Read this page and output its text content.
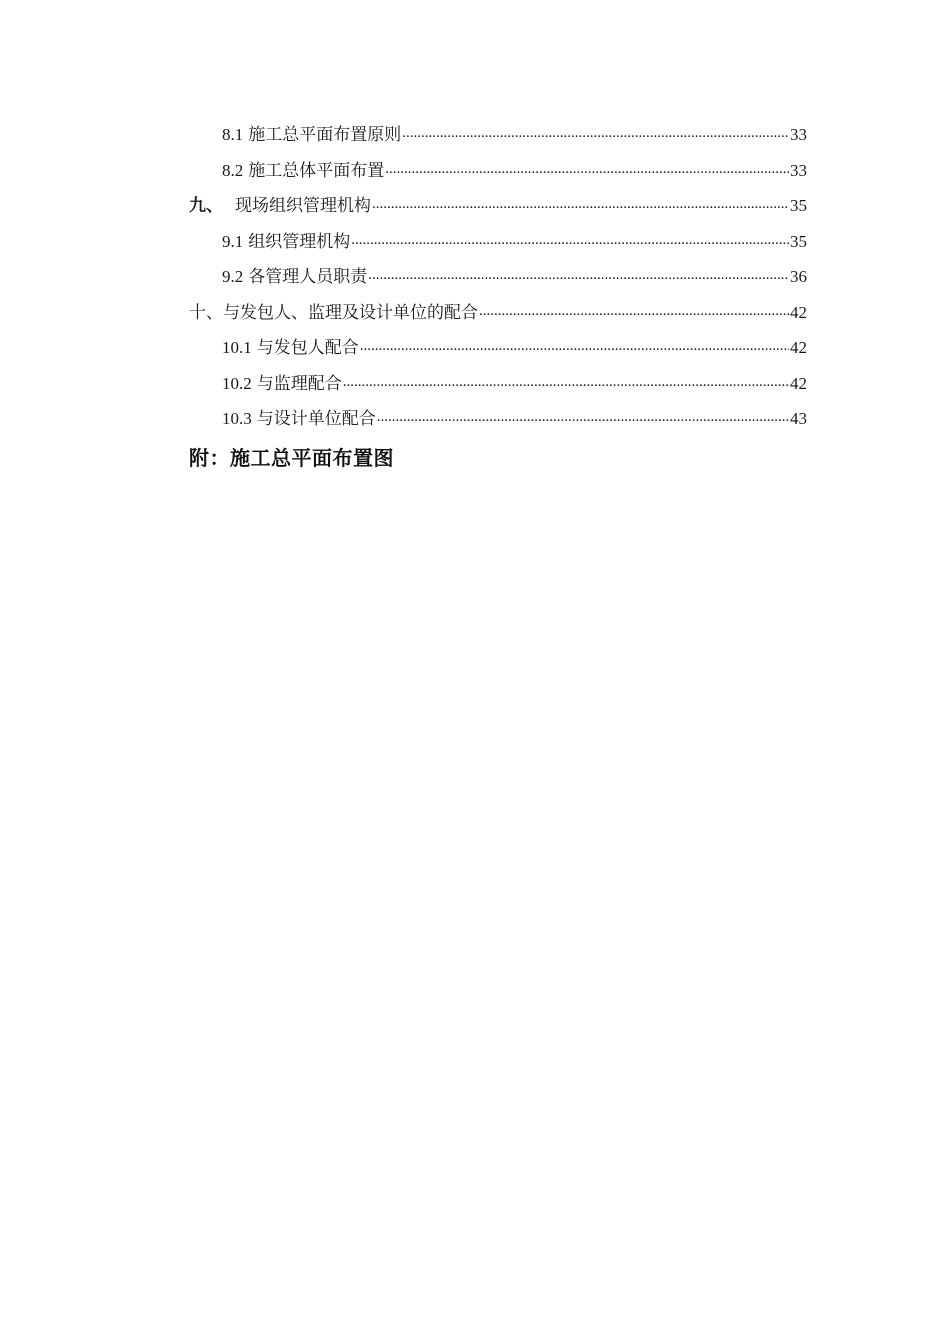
8.1 施工总平面布置原则 .....	33
8.2 施工总体平面布置 .....	33
九、 现场组织管理机构 .....	35
9.1 组织管理机构 .....	35
9.2 各管理人员职责 .....	36
十、与发包人、监理及设计单位的配合 .....	42
10.1 与发包人配合 .....	42
10.2 与监理配合 .....	42
10.3 与设计单位配合 .....	43
附：施工总平面布置图
